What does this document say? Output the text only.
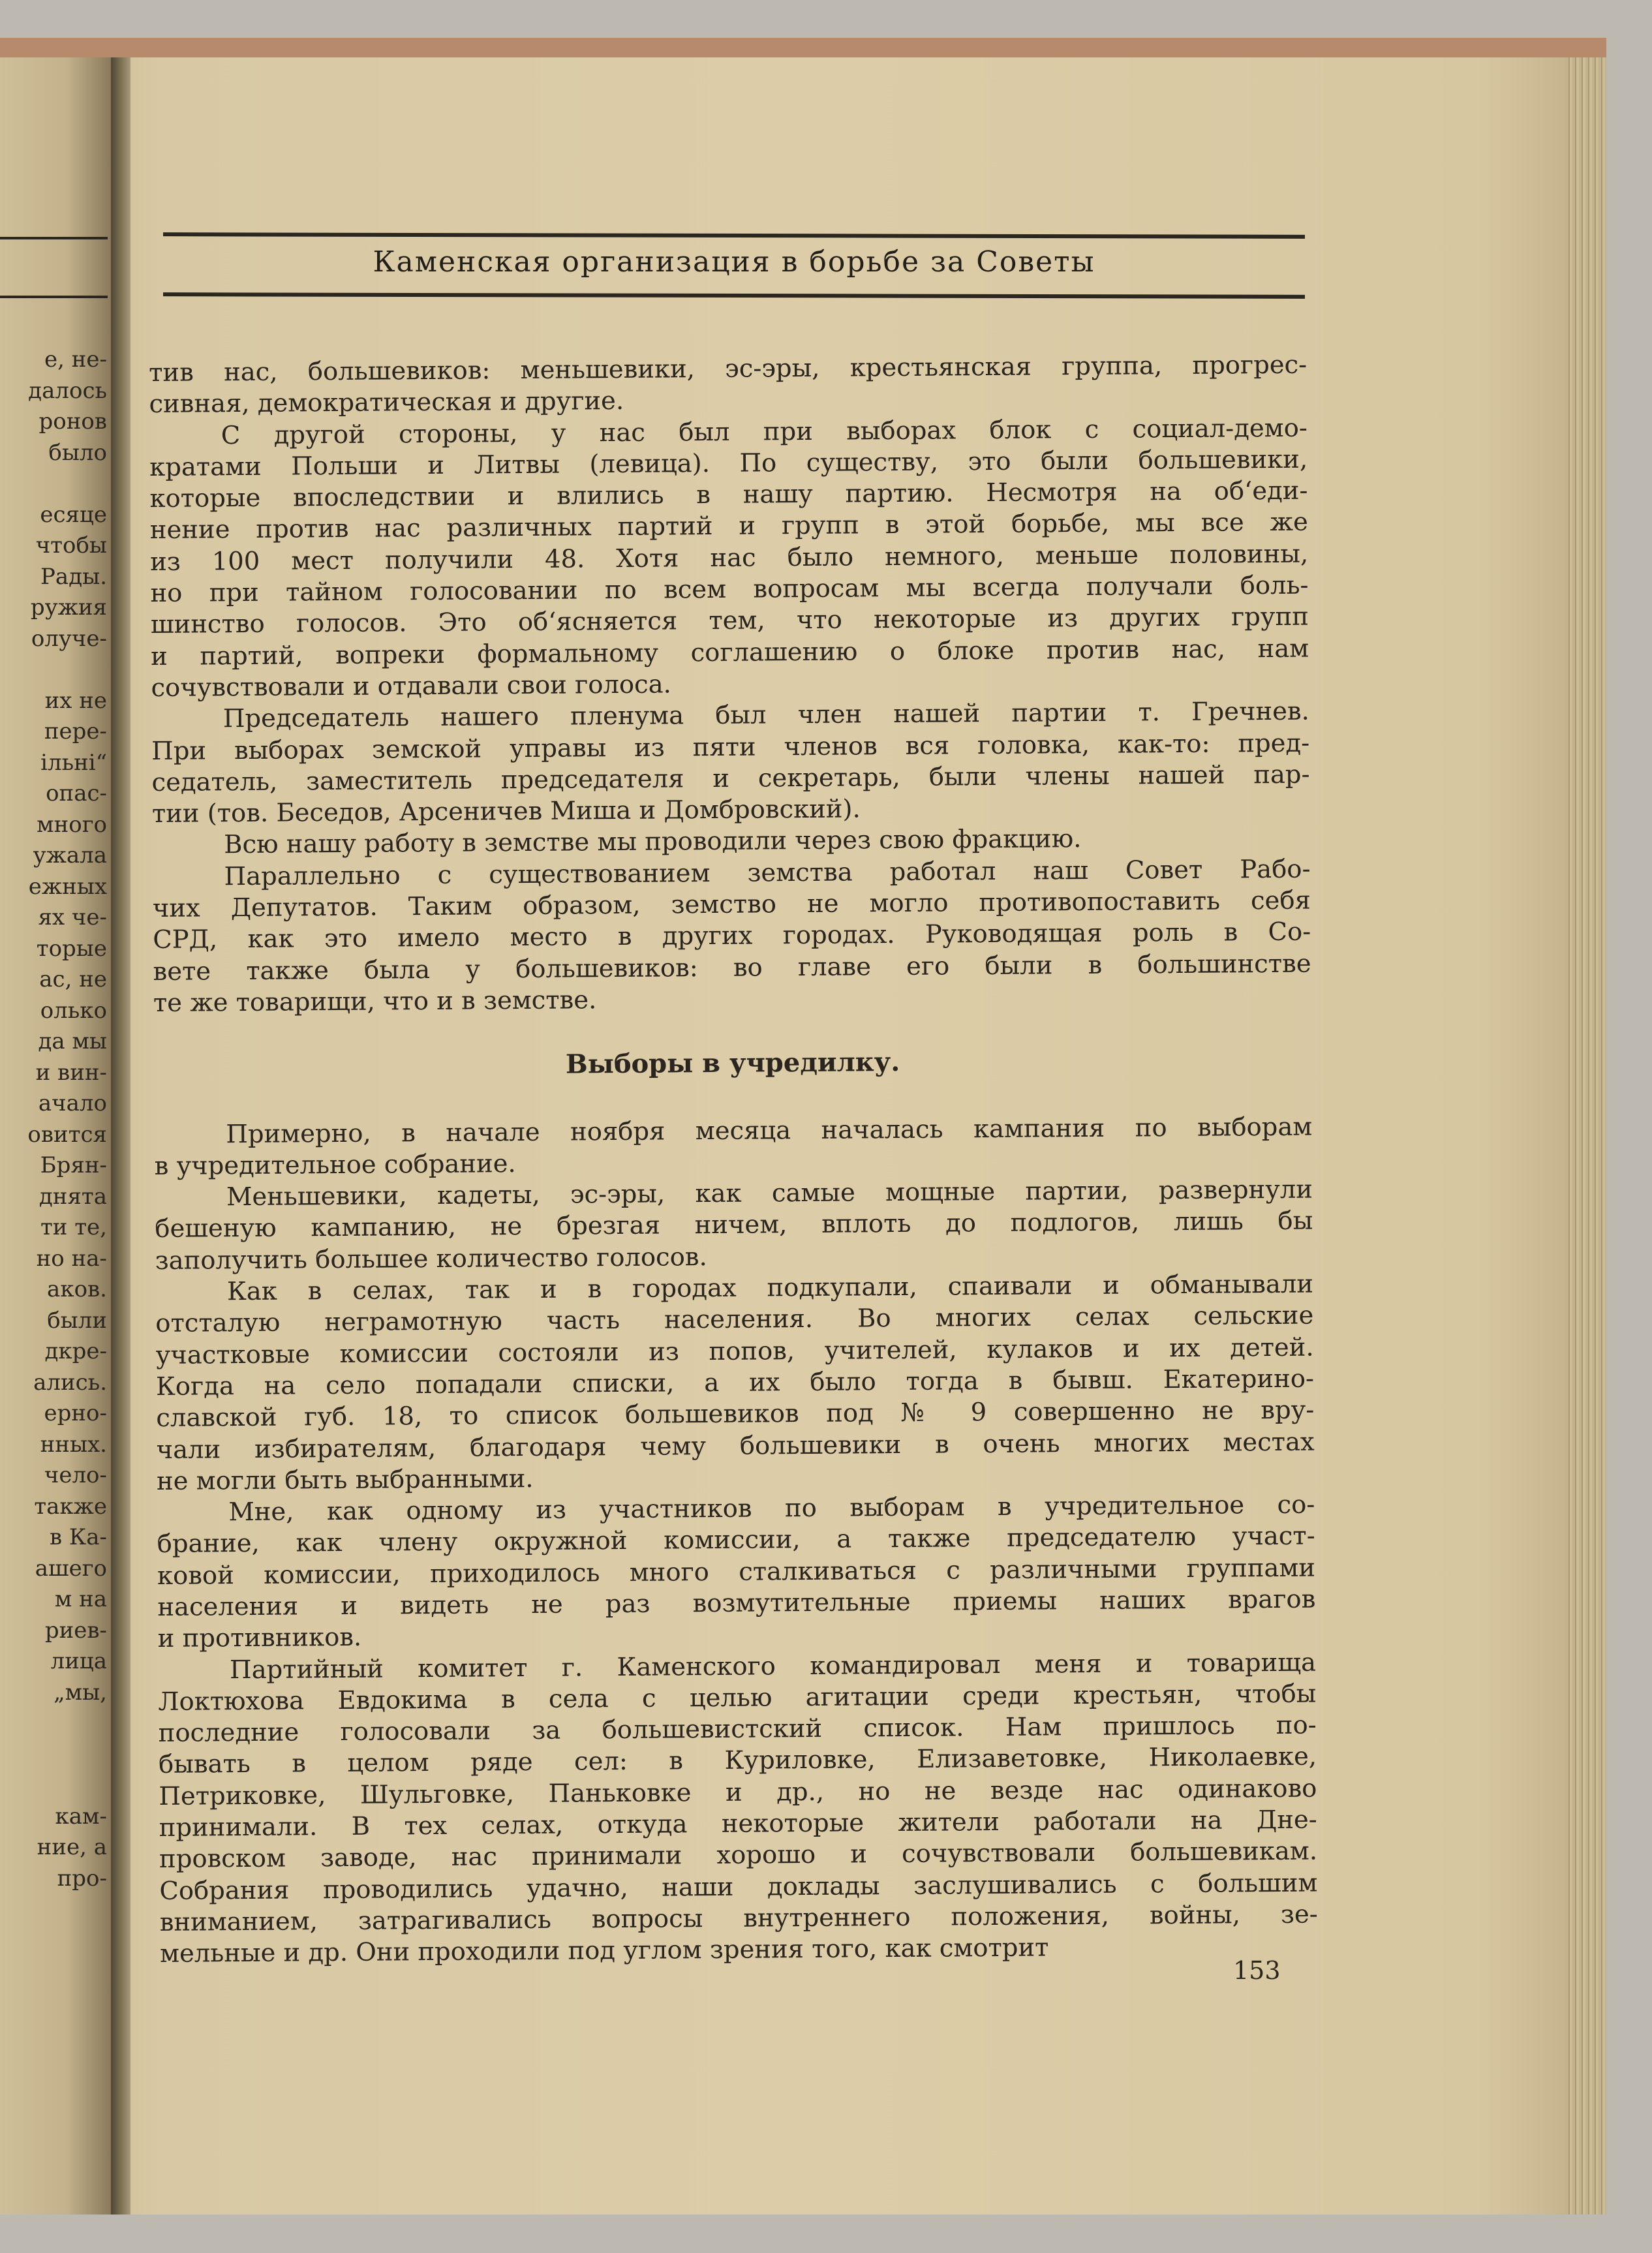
е, не-
далось
ронов
было
есяце
чтобы
Рады.
ружия
олуче-
их не
пере-
ільні“
опас-
много
ужала
ежных
ях че-
торые
ас, не
олько
да мы
и вин-
ачало
овится
Брян-
днята
ти те,
но на-
аков.
были
дкре-
ались.
ерно-
нных.
чело-
также
в Ка-
ашего
м на
риев-
лица
„мы,
кам-
ние, а
про-
Каменская организация в борьбе за Советы

тив нас, большевиков: меньшевики, эс-эры, крестьянская группа, прогрес-

сивная, демократическая и другие.

С другой стороны, у нас был при выборах блок с социал-демо-

кратами Польши и Литвы (левица). По существу, это были большевики,

которые впоследствии и влились в нашу партию. Несмотря на об‘еди-

нение против нас различных партий и групп в этой борьбе, мы все же

из 100 мест получили 48. Хотя нас было немного, меньше половины,

но при тайном голосовании по всем вопросам мы всегда получали боль-

шинство голосов. Это об‘ясняется тем, что некоторые из других групп

и партий, вопреки формальному соглашению о блоке против нас, нам

сочувствовали и отдавали свои голоса.

Председатель нашего пленума был член нашей партии т. Гречнев.

При выборах земской управы из пяти членов вся головка, как-то: пред-

седатель, заместитель председателя и секретарь, были члены нашей пар-

тии (тов. Беседов, Арсеничев Миша и Домбровский).

Всю нашу работу в земстве мы проводили через свою фракцию.

Параллельно с существованием земства работал наш Совет Рабо-

чих Депутатов. Таким образом, земство не могло противопоставить себя

СРД, как это имело место в других городах. Руководящая роль в Со-

вете также была у большевиков: во главе его были в большинстве

те же товарищи, что и в земстве.

Выборы в учредилку.

Примерно, в начале ноября месяца началась кампания по выборам

в учредительное собрание.

Меньшевики, кадеты, эс-эры, как самые мощные партии, развернули

бешеную кампанию, не брезгая ничем, вплоть до подлогов, лишь бы

заполучить большее количество голосов.

Как в селах, так и в городах подкупали, спаивали и обманывали

отсталую неграмотную часть населения. Во многих селах сельские

участковые комиссии состояли из попов, учителей, кулаков и их детей.

Когда на село попадали списки, а их было тогда в бывш. Екатерино-

славской губ. 18, то список большевиков под № 9 совершенно не вру-

чали избирателям, благодаря чему большевики в очень многих местах

не могли быть выбранными.

Мне, как одному из участников по выборам в учредительное со-

брание, как члену окружной комиссии, а также председателю участ-

ковой комиссии, приходилось много сталкиваться с различными группами

населения и видеть не раз возмутительные приемы наших врагов

и противников.

Партийный комитет г. Каменского командировал меня и товарища

Локтюхова Евдокима в села с целью агитации среди крестьян, чтобы

последние голосовали за большевистский список. Нам пришлось по-

бывать в целом ряде сел: в Куриловке, Елизаветовке, Николаевке,

Петриковке, Шульговке, Паньковке и др., но не везде нас одинаково

принимали. В тех селах, откуда некоторые жители работали на Дне-

провском заводе, нас принимали хорошо и сочувствовали большевикам.

Собрания проводились удачно, наши доклады заслушивались с большим

вниманием, затрагивались вопросы внутреннего положения, войны, зе-

мельные и др. Они проходили под углом зрения того, как смотрит

153
